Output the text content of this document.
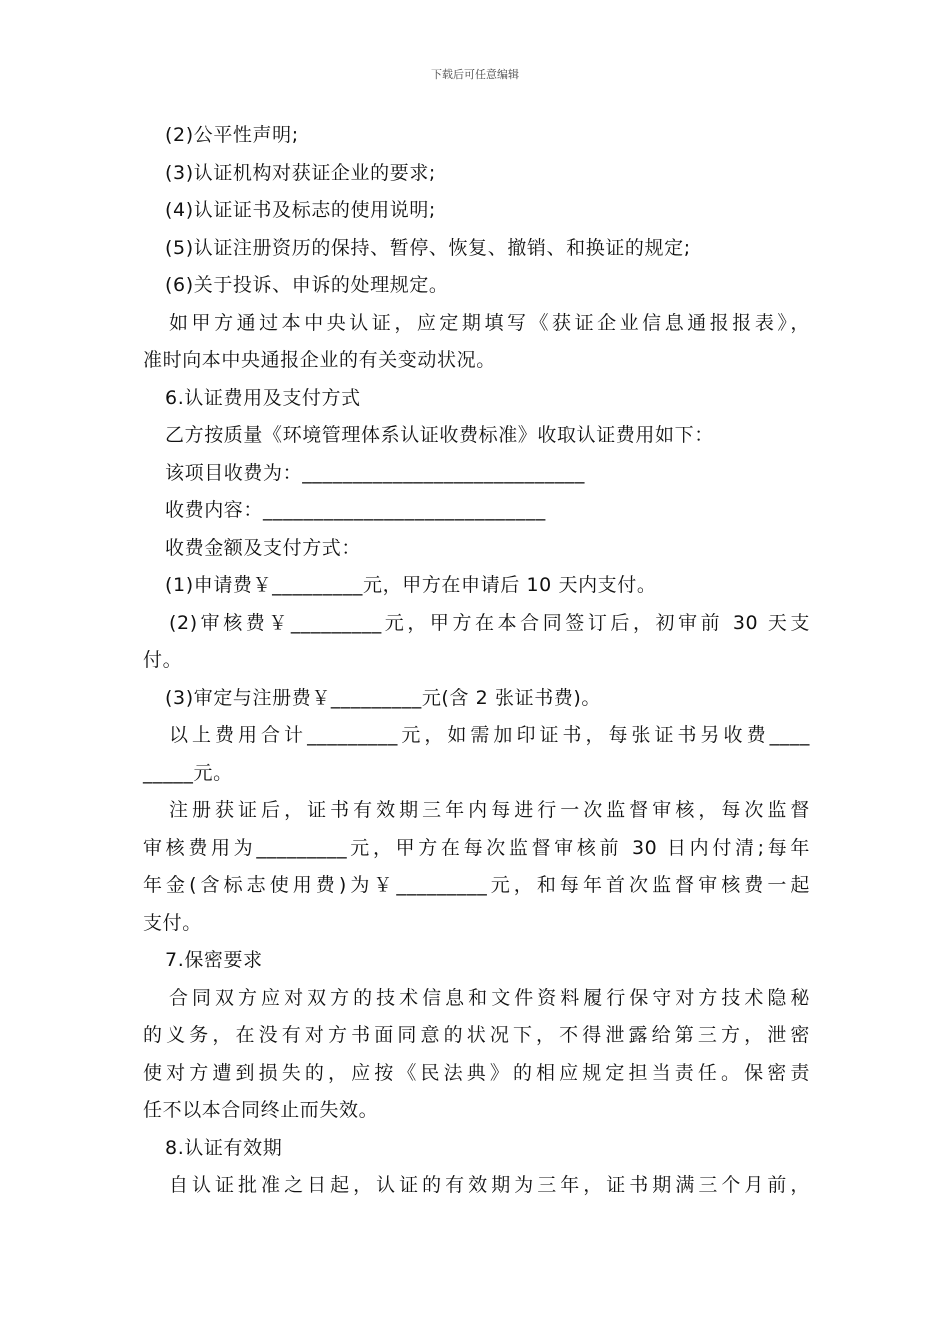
下载后可任意编辑
(2)公平性声明;
(3)认证机构对获证企业的要求;
(4)认证证书及标志的使用说明;
(5)认证注册资历的保持、暂停、恢复、撤销、和换证的规定;
(6)关于投诉、申诉的处理规定。
如甲方通过本中央认证，应定期填写《获证企业信息通报报表》，
准时向本中央通报企业的有关变动状况。
6.认证费用及支付方式
乙方按质量《环境管理体系认证收费标准》收取认证费用如下：
该项目收费为：____________________________
收费内容：____________________________
收费金额及支付方式：
(1)申请费￥_________元，甲方在申请后 10 天内支付。
(2)审核费￥_________元，甲方在本合同签订后，初审前 30 天支
付。
(3)审定与注册费￥_________元(含 2 张证书费)。
以上费用合计_________元，如需加印证书，每张证书另收费____
_____元。
注册获证后，证书有效期三年内每进行一次监督审核，每次监督
审核费用为_________元，甲方在每次监督审核前 30 日内付清;每年
年金(含标志使用费)为￥_________元，和每年首次监督审核费一起
支付。
7.保密要求
合同双方应对双方的技术信息和文件资料履行保守对方技术隐秘
的义务，在没有对方书面同意的状况下，不得泄露给第三方，泄密
使对方遭到损失的，应按《民法典》的相应规定担当责任。保密责
任不以本合同终止而失效。
8.认证有效期
自认证批准之日起，认证的有效期为三年，证书期满三个月前，
